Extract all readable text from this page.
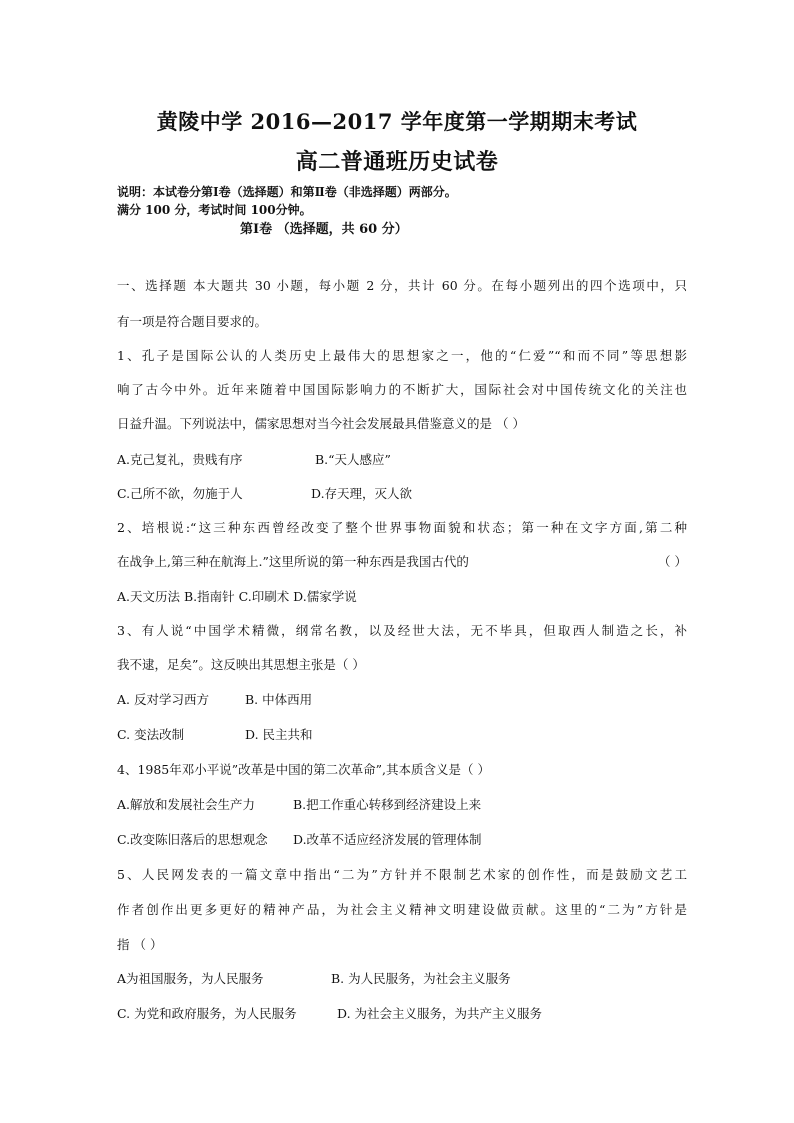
黄陵中学 2016—2017 学年度第一学期期末考试
高二普通班历史试卷
说明：本试卷分第Ⅰ卷（选择题）和第Ⅱ卷（非选择题）两部分。
满分 100 分，考试时间 100分钟。
第Ⅰ卷 （选择题，共 60 分）
一、选择题 本大题共 30 小题，每小题 2 分，共计 60 分。在每小题列出的四个选项中，只
有一项是符合题目要求的。
1、孔子是国际公认的人类历史上最伟大的思想家之一，他的“仁爱”“和而不同”等思想影
响了古今中外。近年来随着中国国际影响力的不断扩大，国际社会对中国传统文化的关注也
日益升温。下列说法中，儒家思想对当今社会发展最具借鉴意义的是 （ ）
A.克己复礼，贵贱有序	B.“天人感应”
C.己所不欲，勿施于人	D.存天理，灭人欲
2、培根说:“这三种东西曾经改变了整个世界事物面貌和状态；第一种在文字方面,第二种
在战争上,第三种在航海上.”这里所说的第一种东西是我国古代的	（ ）
A.天文历法 B.指南针 C.印刷术 D.儒家学说
3、有人说“中国学术精微，纲常名教，以及经世大法，无不毕具，但取西人制造之长，补
我不逮，足矣”。这反映出其思想主张是（ ）
A. 反对学习西方	B. 中体西用
C. 变法改制	D. 民主共和
4、1985年邓小平说”改革是中国的第二次革命”,其本质含义是（ ）
A.解放和发展社会生产力	B.把工作重心转移到经济建设上来
C.改变陈旧落后的思想观念 D.改革不适应经济发展的管理体制
5、人民网发表的一篇文章中指出“二为”方针并不限制艺术家的创作性，而是鼓励文艺工
作者创作出更多更好的精神产品，为社会主义精神文明建设做贡献。这里的“二为”方针是
指 （ ）
A为祖国服务，为人民服务	B. 为人民服务，为社会主义服务
C. 为党和政府服务，为人民服务	D. 为社会主义服务，为共产主义服务
